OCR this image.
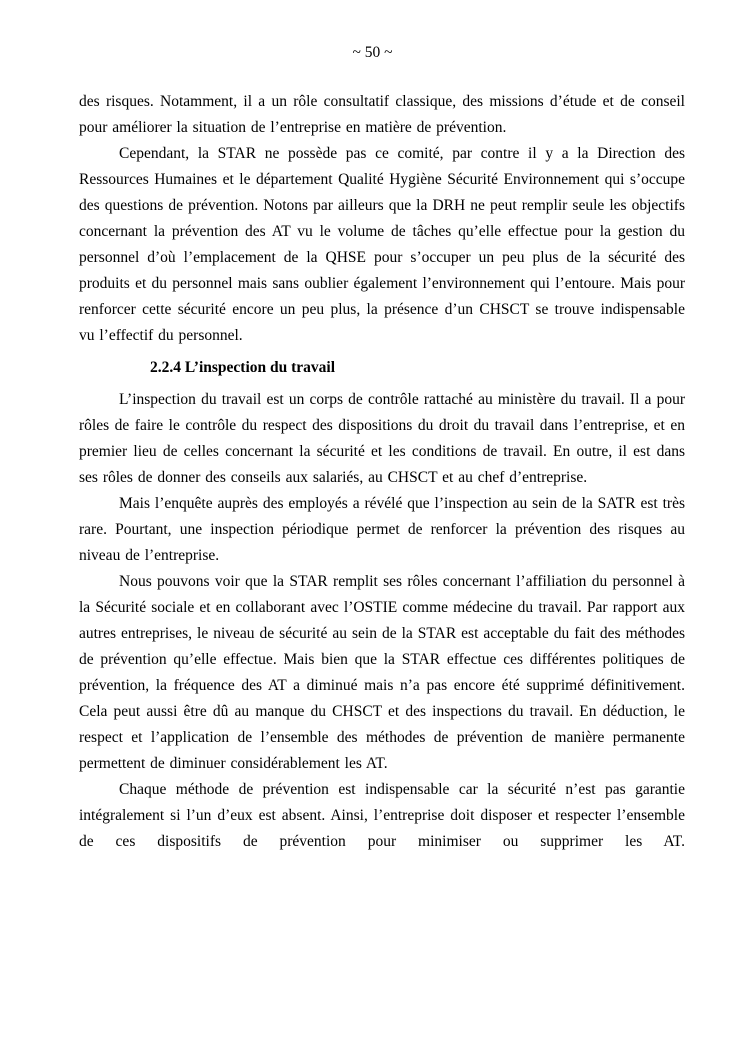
~ 50 ~

des risques. Notamment, il a un rôle consultatif classique, des missions d’étude et de conseil pour améliorer la situation de l’entreprise en matière de prévention.

Cependant, la STAR ne possède pas ce comité, par contre il y a la Direction des Ressources Humaines et le département Qualité Hygiène Sécurité Environnement qui s’occupe des questions de prévention. Notons par ailleurs que la DRH ne peut remplir seule les objectifs concernant la prévention des AT vu le volume de tâches qu’elle effectue pour la gestion du personnel d’où l’emplacement de la QHSE pour s’occuper un peu plus de la sécurité des produits et du personnel mais sans oublier également l’environnement qui l’entoure. Mais pour renforcer cette sécurité encore un peu plus, la présence d’un CHSCT se trouve indispensable vu l’effectif du personnel.

2.2.4 L’inspection du travail

L’inspection du travail est un corps de contrôle rattaché au ministère du travail. Il a pour rôles de faire le contrôle du respect des dispositions du droit du travail dans l’entreprise, et en premier lieu de celles concernant la sécurité et les conditions de travail. En outre, il est dans ses rôles de donner des conseils aux salariés, au CHSCT et au chef d’entreprise.

Mais l’enquête auprès des employés a révélé que l’inspection au sein de la SATR est très rare. Pourtant, une inspection périodique permet de renforcer la prévention des risques au niveau de l’entreprise.

Nous pouvons voir que la STAR remplit ses rôles concernant l’affiliation du personnel à la Sécurité sociale et en collaborant avec l’OSTIE comme médecine du travail. Par rapport aux autres entreprises, le niveau de sécurité au sein de la STAR est acceptable du fait des méthodes de prévention qu’elle effectue. Mais bien que la STAR effectue ces différentes politiques de prévention, la fréquence des AT a diminué mais n’a pas encore été supprimé définitivement. Cela peut aussi être dû au manque du CHSCT et des inspections du travail. En déduction, le respect et l’application de l’ensemble des méthodes de prévention de manière permanente permettent de diminuer considérablement les AT.

Chaque méthode de prévention est indispensable car la sécurité n’est pas garantie intégralement si l’un d’eux est absent. Ainsi, l’entreprise doit disposer et respecter l’ensemble de ces dispositifs de prévention pour minimiser ou supprimer les AT.
